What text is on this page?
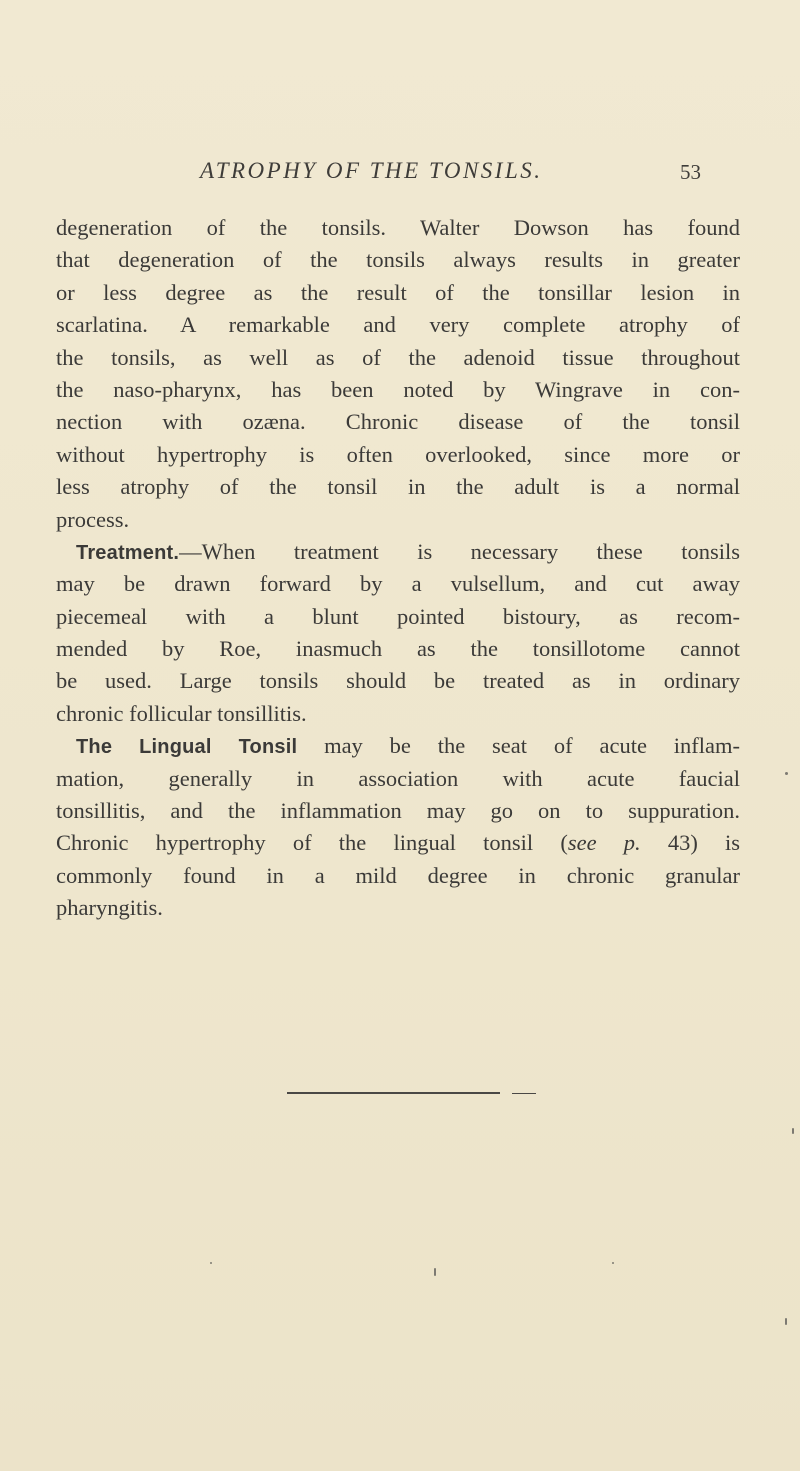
ATROPHY OF THE TONSILS.	53
degeneration of the tonsils. Walter Dowson has found
that degeneration of the tonsils always results in greater
or less degree as the result of the tonsillar lesion in
scarlatina. A remarkable and very complete atrophy of
the tonsils, as well as of the adenoid tissue throughout
the naso-pharynx, has been noted by Wingrave in con-
nection with ozæna. Chronic disease of the tonsil
without hypertrophy is often overlooked, since more or
less atrophy of the tonsil in the adult is a normal
process.
Treatment.—When treatment is necessary these tonsils
may be drawn forward by a vulsellum, and cut away
piecemeal with a blunt pointed bistoury, as recom-
mended by Roe, inasmuch as the tonsillotome cannot
be used. Large tonsils should be treated as in ordinary
chronic follicular tonsillitis.
The Lingual Tonsil may be the seat of acute inflam-
mation, generally in association with acute faucial
tonsillitis, and the inflammation may go on to suppuration.
Chronic hypertrophy of the lingual tonsil (see p. 43) is
commonly found in a mild degree in chronic granular
pharyngitis.
